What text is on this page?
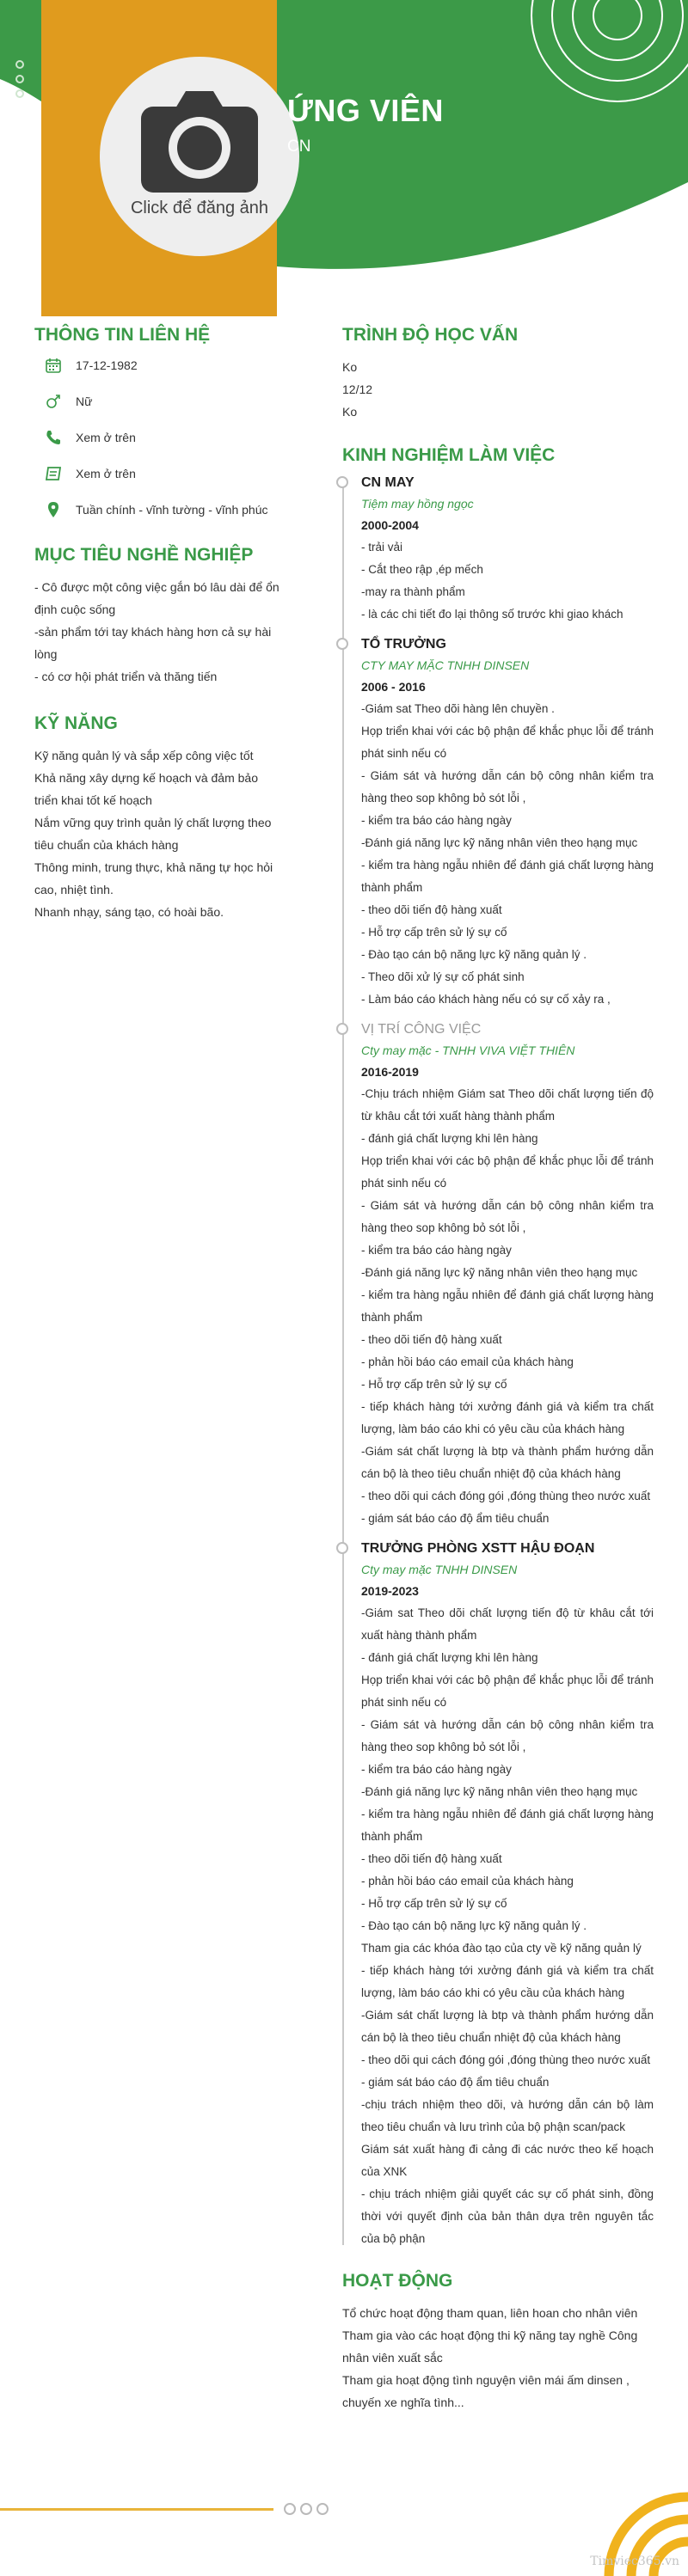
Click để đăng ảnh
ỨNG VIÊN
CN
THÔNG TIN LIÊN HỆ
17-12-1982
Nữ
Xem ở trên
Xem ở trên
Tuần chính - vĩnh tường - vĩnh phúc
MỤC TIÊU NGHỀ NGHIỆP

- Cô được một công việc gắn bó lâu dài để ổn định cuộc sống

-sản phẩm tới tay khách hàng hơn cả sự hài lòng

- có cơ hội phát triển và thăng tiến

KỸ NĂNG

Kỹ năng quản lý và sắp xếp công việc tốt

Khả năng xây dựng kế hoạch và đảm bảo triển khai tốt kế hoạch

Nắm vững quy trình quản lý chất lượng theo tiêu chuẩn của khách hàng

Thông minh, trung thực, khả năng tự học hỏi cao, nhiệt tình.

Nhanh nhạy, sáng tạo, có hoài bão.

TRÌNH ĐỘ HỌC VẤN

Ko

12/12

Ko

KINH NGHIỆM LÀM VIỆC
CN MAY
Tiệm may hồng ngọc
2000-2004

- trải vải

- Cắt theo rập ,ép mếch

-may ra thành phẩm

- là các chi tiết đo lại thông số trước khi giao khách

TỔ TRƯỞNG
CTY MAY MẶC TNHH DINSEN
2006 - 2016

-Giám sat Theo dõi hàng lên chuyền .

Họp triển khai với các bộ phận để khắc phục lỗi để tránh phát sinh nếu có

- Giám sát và hướng dẫn cán bộ công nhân kiểm tra hàng theo sop không bỏ sót lỗi ,

- kiểm tra báo cáo hàng ngày

-Đánh giá năng lực kỹ năng nhân viên theo hạng mục

- kiểm tra hàng ngẫu nhiên để đánh giá chất lượng hàng thành phẩm

- theo dõi tiến độ hàng xuất

- Hỗ trợ cấp trên sử lý sự cố

- Đào tạo cán bộ năng lực kỹ năng quản lý .

- Theo dõi xử lý sự cố phát sinh

- Làm báo cáo khách hàng nếu có sự cố xảy ra ,

VỊ TRÍ CÔNG VIỆC
Cty may mặc - TNHH VIVA VIỆT THIÊN
2016-2019

-Chịu trách nhiệm Giám sat Theo dõi chất lượng tiến độ từ khâu cắt tới xuất hàng thành phẩm

- đánh giá chất lượng khi lên hàng

Họp triển khai với các bộ phận để khắc phục lỗi để tránh phát sinh nếu có

- Giám sát và hướng dẫn cán bộ công nhân kiểm tra hàng theo sop không bỏ sót lỗi ,

- kiểm tra báo cáo hàng ngày

-Đánh giá năng lực kỹ năng nhân viên theo hạng mục

- kiểm tra hàng ngẫu nhiên để đánh giá chất lượng hàng thành phẩm

- theo dõi tiến độ hàng xuất

- phản hồi báo cáo email của khách hàng

- Hỗ trợ cấp trên sử lý sự cố

- tiếp khách hàng tới xưởng đánh giá và kiểm tra chất lượng, làm báo cáo khi có yêu cầu của khách hàng

-Giám sát chất lượng là btp và thành phẩm hướng dẫn cán bộ là theo tiêu chuẩn nhiệt độ của khách hàng

- theo dõi qui cách đóng gói ,đóng thùng theo nước xuất

- giám sát báo cáo độ ẩm tiêu chuẩn

TRƯỞNG PHÒNG XSTT HẬU ĐOẠN
Cty may mặc TNHH DINSEN
2019-2023

-Giám sat Theo dõi chất lượng tiến độ từ khâu cắt tới xuất hàng thành phẩm

- đánh giá chất lượng khi lên hàng

Họp triển khai với các bộ phận để khắc phục lỗi để tránh phát sinh nếu có

- Giám sát và hướng dẫn cán bộ công nhân kiểm tra hàng theo sop không bỏ sót lỗi ,

- kiểm tra báo cáo hàng ngày

-Đánh giá năng lực kỹ năng nhân viên theo hạng mục

- kiểm tra hàng ngẫu nhiên để đánh giá chất lượng hàng thành phẩm

- theo dõi tiến độ hàng xuất

- phản hồi báo cáo email của khách hàng

- Hỗ trợ cấp trên sử lý sự cố

- Đào tạo cán bộ năng lực kỹ năng quản lý .

Tham gia các khóa đào tạo của cty về kỹ năng quản lý

- tiếp khách hàng tới xưởng đánh giá và kiểm tra chất lượng, làm báo cáo khi có yêu cầu của khách hàng

-Giám sát chất lượng là btp và thành phẩm hướng dẫn cán bộ là theo tiêu chuẩn nhiệt độ của khách hàng

- theo dõi qui cách đóng gói ,đóng thùng theo nước xuất

- giám sát báo cáo độ ẩm tiêu chuẩn

-chịu trách nhiệm theo dõi, và hướng dẫn cán bộ làm theo tiêu chuẩn và lưu trình của bộ phận scan/pack

Giám sát xuất hàng đi cảng đi các nước theo kế hoạch của XNK

- chịu trách nhiệm giải quyết các sự cố phát sinh, đồng thời với quyết định của bản thân dựa trên nguyên tắc của bộ phận

HOẠT ĐỘNG

Tổ chức hoạt động tham quan, liên hoan cho nhân viên

Tham gia vào các hoạt động thi kỹ năng tay nghề Công nhân viên xuất sắc

Tham gia hoạt động tình nguyện viên mái ấm dinsen , chuyến xe nghĩa tình...

Timviec365.vn
